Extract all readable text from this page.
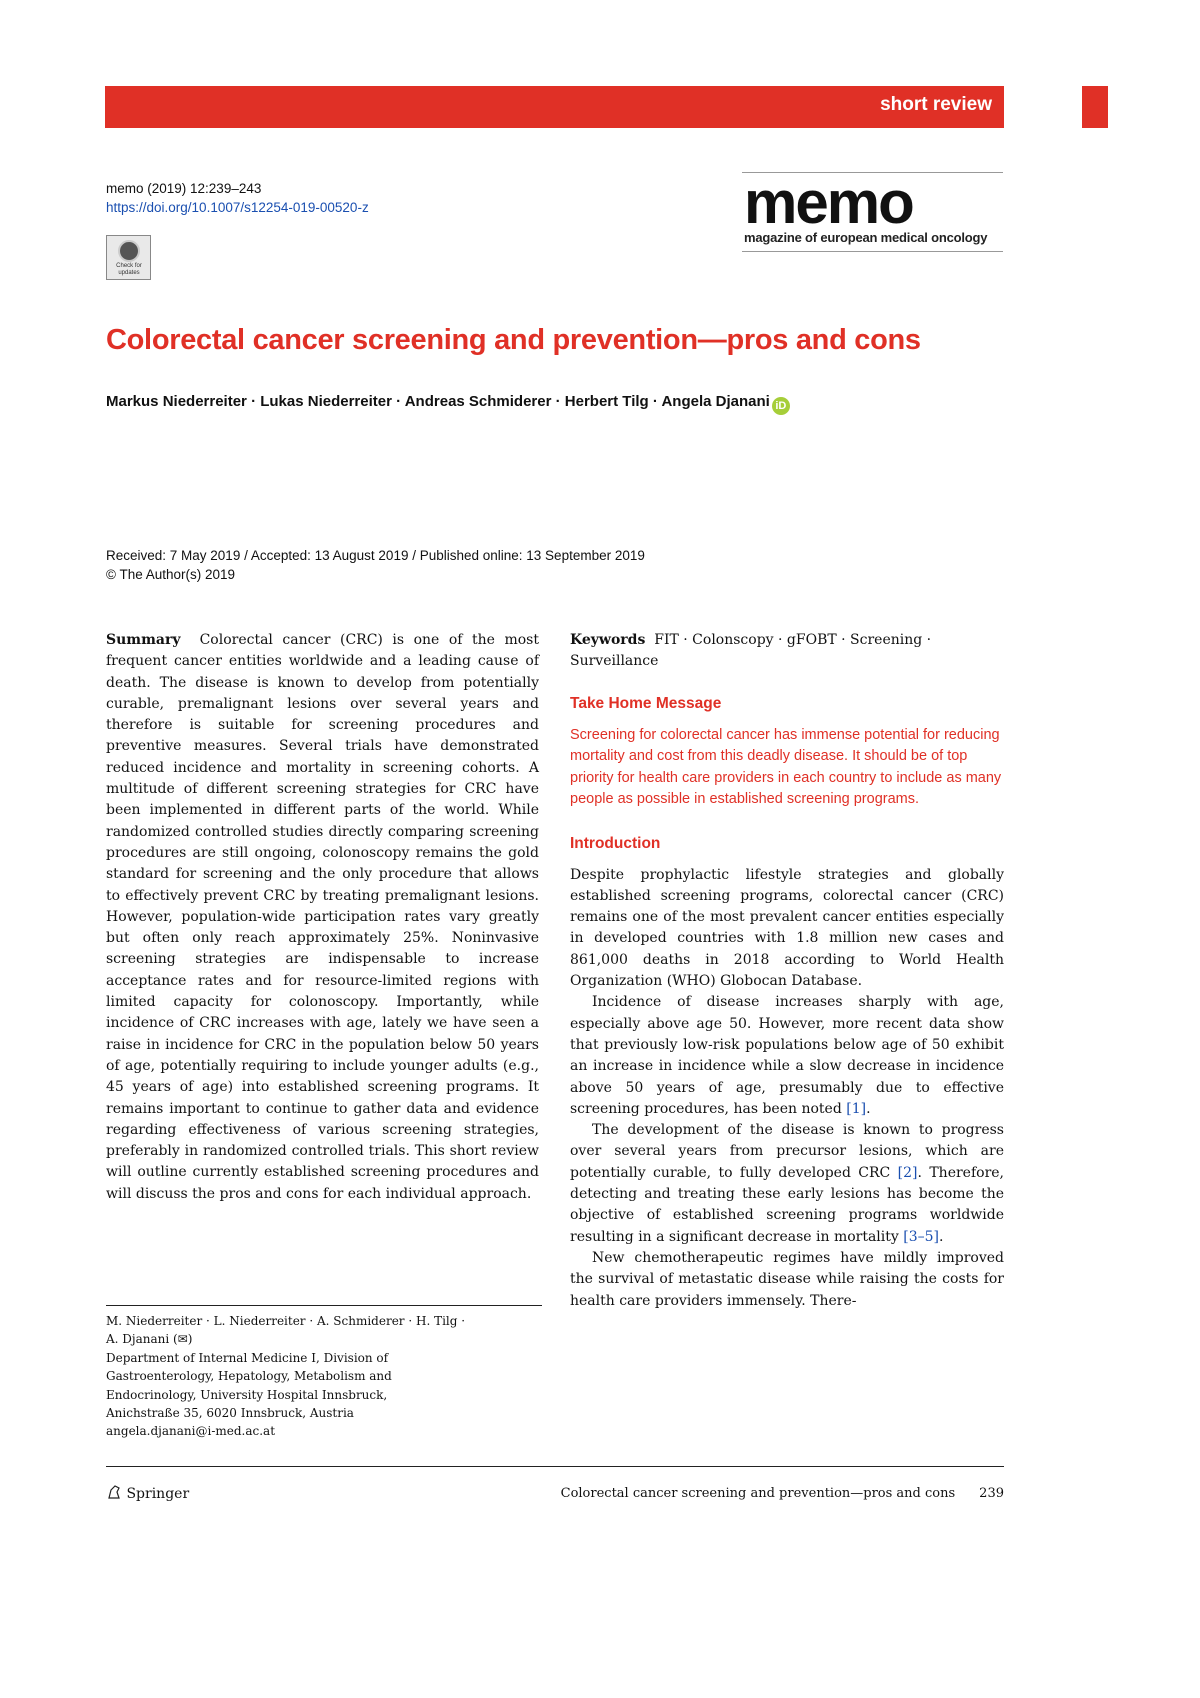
short review
memo (2019) 12:239–243
https://doi.org/10.1007/s12254-019-00520-z
Check for updates
memo
magazine of european medical oncology
Colorectal cancer screening and prevention—pros and cons
Markus Niederreiter · Lukas Niederreiter · Andreas Schmiderer · Herbert Tilg · Angela Djanani iD
Received: 7 May 2019 / Accepted: 13 August 2019 / Published online: 13 September 2019
© The Author(s) 2019

Summary Colorectal cancer (CRC) is one of the most frequent cancer entities worldwide and a leading cause of death. The disease is known to develop from potentially curable, premalignant lesions over several years and therefore is suitable for screening procedures and preventive measures. Several trials have demonstrated reduced incidence and mortality in screening cohorts. A multitude of different screening strategies for CRC have been implemented in different parts of the world. While randomized controlled studies directly comparing screening procedures are still ongoing, colonoscopy remains the gold standard for screening and the only procedure that allows to effectively prevent CRC by treating premalignant lesions. However, population-wide participation rates vary greatly but often only reach approximately 25%. Noninvasive screening strategies are indispensable to increase acceptance rates and for resource-limited regions with limited capacity for colonoscopy. Importantly, while incidence of CRC increases with age, lately we have seen a raise in incidence for CRC in the population below 50 years of age, potentially requiring to include younger adults (e.g., 45 years of age) into established screening programs. It remains important to continue to gather data and evidence regarding effectiveness of various screening strategies, preferably in randomized controlled trials. This short review will outline currently established screening procedures and will discuss the pros and cons for each individual approach.

M. Niederreiter · L. Niederreiter · A. Schmiderer · H. Tilg ·
A. Djanani (✉)
Department of Internal Medicine I, Division of
Gastroenterology, Hepatology, Metabolism and
Endocrinology, University Hospital Innsbruck,
Anichstraße 35, 6020 Innsbruck, Austria
angela.djanani@i-med.ac.at

Keywords FIT · Colonscopy · gFOBT · Screening · Surveillance

Take Home Message

Screening for colorectal cancer has immense potential for reducing mortality and cost from this deadly disease. It should be of top priority for health care providers in each country to include as many people as possible in established screening programs.

Introduction

Despite prophylactic lifestyle strategies and globally established screening programs, colorectal cancer (CRC) remains one of the most prevalent cancer entities especially in developed countries with 1.8 million new cases and 861,000 deaths in 2018 according to World Health Organization (WHO) Globocan Database.

Incidence of disease increases sharply with age, especially above age 50. However, more recent data show that previously low-risk populations below age of 50 exhibit an increase in incidence while a slow decrease in incidence above 50 years of age, presumably due to effective screening procedures, has been noted [1].

The development of the disease is known to progress over several years from precursor lesions, which are potentially curable, to fully developed CRC [2]. Therefore, detecting and treating these early lesions has become the objective of established screening programs worldwide resulting in a significant decrease in mortality [3–5].

New chemotherapeutic regimes have mildly improved the survival of metastatic disease while raising the costs for health care providers immensely. There-

Springer	Colorectal cancer screening and prevention—pros and cons 239
